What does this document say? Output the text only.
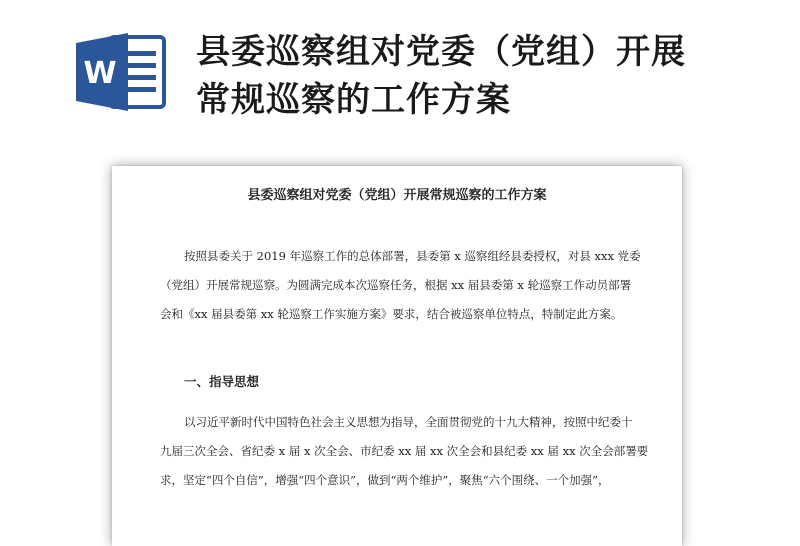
W
县委巡察组对党委（党组）开展
常规巡察的工作方案
县委巡察组对党委（党组）开展常规巡察的工作方案
按照县委关于 2019 年巡察工作的总体部署，县委第 x 巡察组经县委授权，对县 xxx 党委
（党组）开展常规巡察。为圆满完成本次巡察任务，根据 xx 届县委第 x 轮巡察工作动员部署
会和《xx 届县委第 xx 轮巡察工作实施方案》要求，结合被巡察单位特点，特制定此方案。
一、指导思想
以习近平新时代中国特色社会主义思想为指导，全面贯彻党的十九大精神，按照中纪委十
九届三次全会、省纪委 x 届 x 次全会、市纪委 xx 届 xx 次全会和县纪委 xx 届 xx 次全会部署要
求，坚定“四个自信”，增强“四个意识”，做到“两个维护”，聚焦“六个围绕、一个加强”，
